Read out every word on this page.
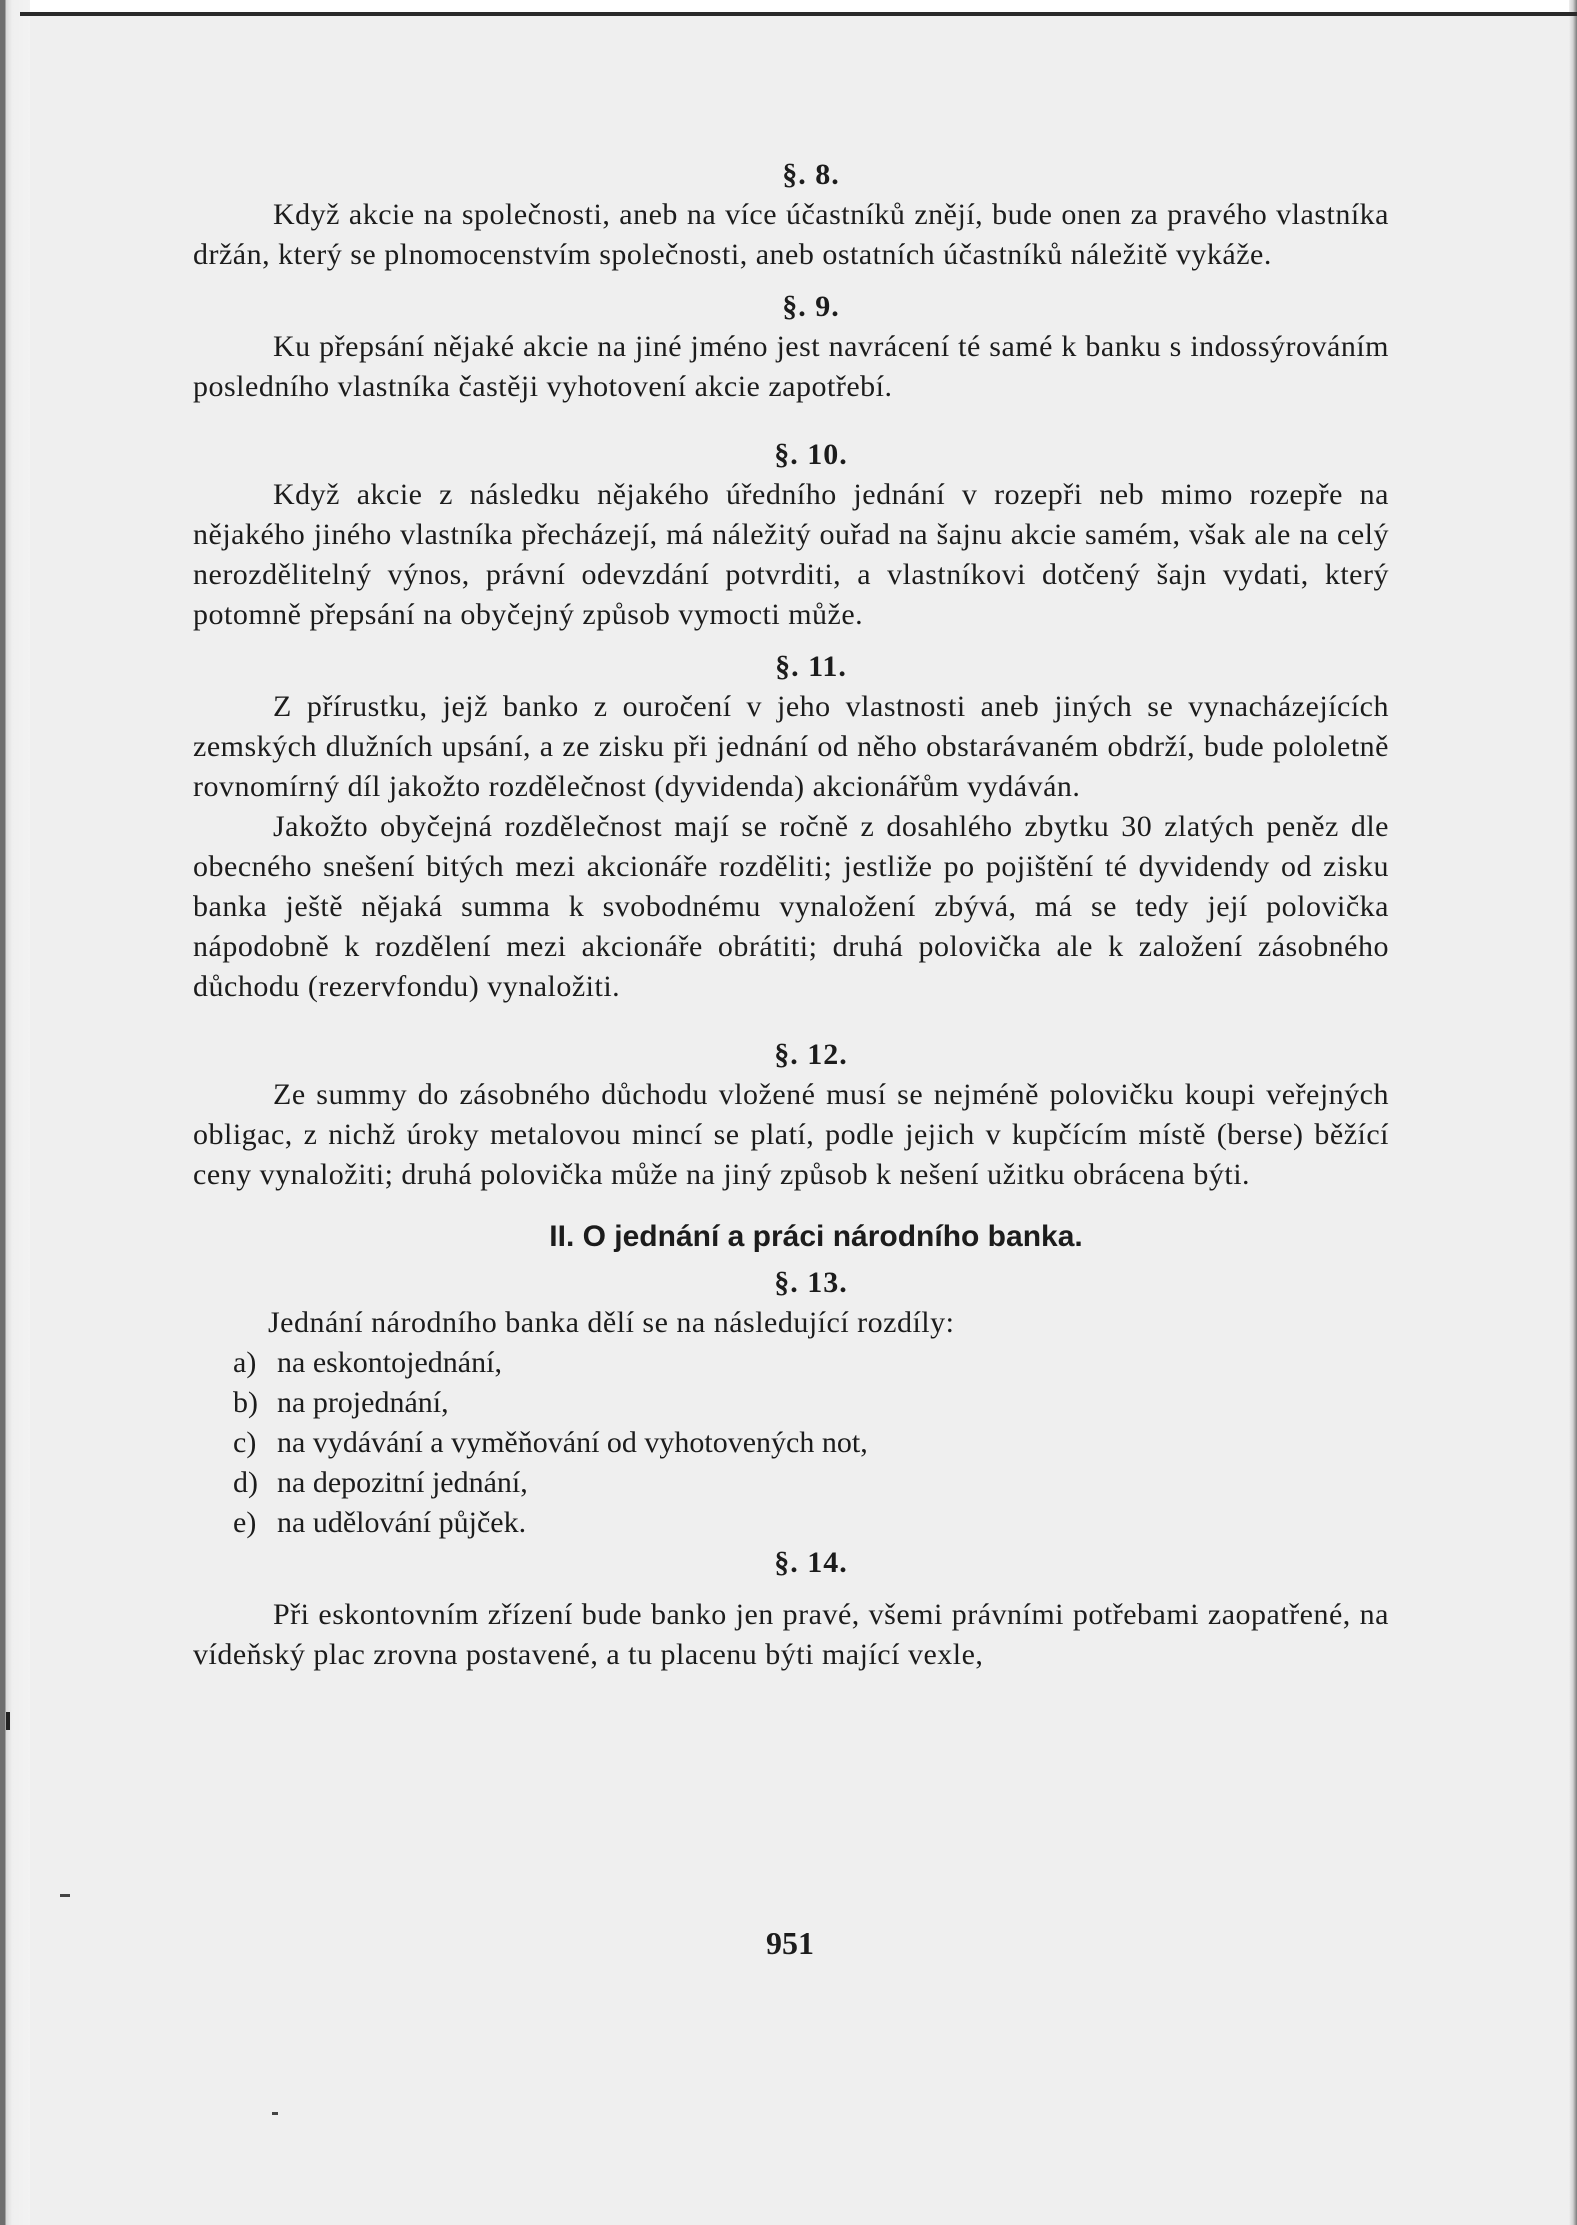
§. 8.

Když akcie na společnosti, aneb na více účastníků znějí, bude onen za pravého vlastníka držán, který se plnomocenstvím společnosti, aneb ostatních účastníků náležitě vykáže.

§. 9.

Ku přepsání nějaké akcie na jiné jméno jest navrácení té samé k banku s indossýrováním posledního vlastníka častěji vyhotovení akcie zapotřebí.

§. 10.

Když akcie z následku nějakého úředního jednání v rozepři neb mimo rozepře na nějakého jiného vlastníka přecházejí, má náležitý ouřad na šajnu akcie samém, však ale na celý nerozdělitelný výnos, právní odevzdání potvrditi, a vlastníkovi dotčený šajn vydati, který potomně přepsání na obyčejný způsob vymocti může.

§. 11.

Z přírustku, jejž banko z ouročení v jeho vlastnosti aneb jiných se vynacházejících zemských dlužních upsání, a ze zisku při jednání od něho obstarávaném obdrží, bude pololetně rovnomírný díl jakožto rozdělečnost (dyvidenda) akcionářům vydáván.

Jakožto obyčejná rozdělečnost mají se ročně z dosahlého zbytku 30 zlatých peněz dle obecného snešení bitých mezi akcionáře rozděliti; jestliže po pojištění té dyvidendy od zisku banka ještě nějaká summa k svobodnému vynaložení zbývá, má se tedy její polovička nápodobně k rozdělení mezi akcionáře obrátiti; druhá polovička ale k založení zásobného důchodu (rezervfondu) vynaložiti.

§. 12.

Ze summy do zásobného důchodu vložené musí se nejméně polovičku koupi veřejných obligac, z nichž úroky metalovou mincí se platí, podle jejich v kupčícím místě (berse) běžící ceny vynaložiti; druhá polovička může na jiný způsob k nešení užitku obrácena býti.

II. O jednání a práci národního banka.

§. 13.

Jednání národního banka dělí se na následující rozdíly:

a) na eskontojednání,
b) na projednání,
c) na vydávání a vyměňování od vyhotovených not,
d) na depozitní jednání,
e) na udělování půjček.

§. 14.

Při eskontovním zřízení bude banko jen pravé, všemi právními potřebami zaopatřené, na vídeňský plac zrovna postavené, a tu placenu býti mající vexle,

951
